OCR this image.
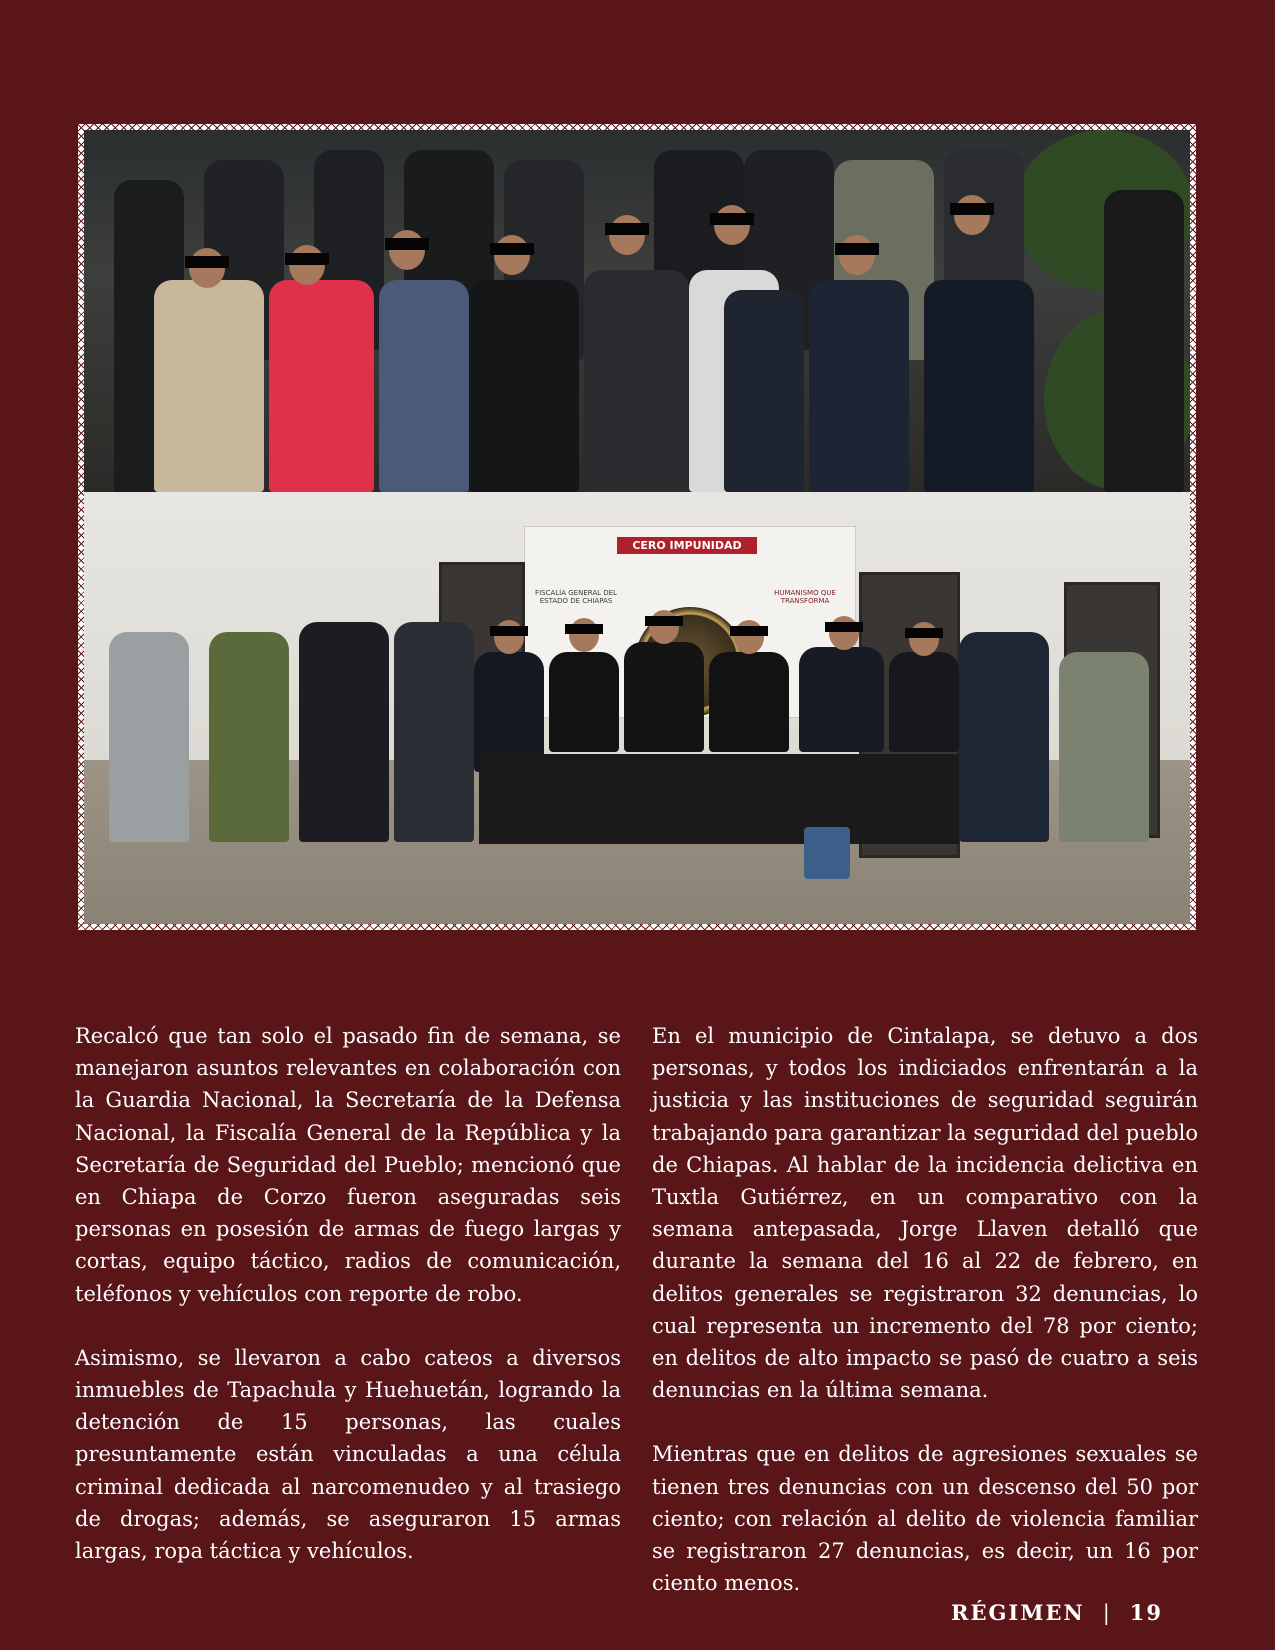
CERO IMPUNIDAD
FISCALÍA GENERAL DEL ESTADO DE CHIAPAS
HUMANISMO QUE TRANSFORMA

Recalcó que tan solo el pasado fin de semana, se manejaron asuntos relevantes en colaboración con la Guardia Nacional, la Secretaría de la Defensa Nacional, la Fiscalía General de la República y la Secretaría de Seguridad del Pueblo; mencionó que en Chiapa de Corzo fueron aseguradas seis personas en posesión de armas de fuego largas y cortas, equipo táctico, radios de comunicación, teléfonos y vehículos con reporte de robo.

Asimismo, se llevaron a cabo cateos a diversos inmuebles de Tapachula y Huehuetán, logrando la detención de 15 personas, las cuales presuntamente están vinculadas a una célula criminal dedicada al narcomenudeo y al trasiego de drogas; además, se aseguraron 15 armas largas, ropa táctica y vehículos.

En el municipio de Cintalapa, se detuvo a dos personas, y todos los indiciados enfrentarán a la justicia y las instituciones de seguridad seguirán trabajando para garantizar la seguridad del pueblo de Chiapas. Al hablar de la incidencia delictiva en Tuxtla Gutiérrez, en un comparativo con la semana antepasada, Jorge Llaven detalló que durante la semana del 16 al 22 de febrero, en delitos generales se registraron 32 denuncias, lo cual representa un incremento del 78 por ciento; en delitos de alto impacto se pasó de cuatro a seis denuncias en la última semana.

Mientras que en delitos de agresiones sexuales se tienen tres denuncias con un descenso del 50 por ciento; con relación al delito de violencia familiar se registraron 27 denuncias, es decir, un 16 por ciento menos.

RÉGIMEN | 19
